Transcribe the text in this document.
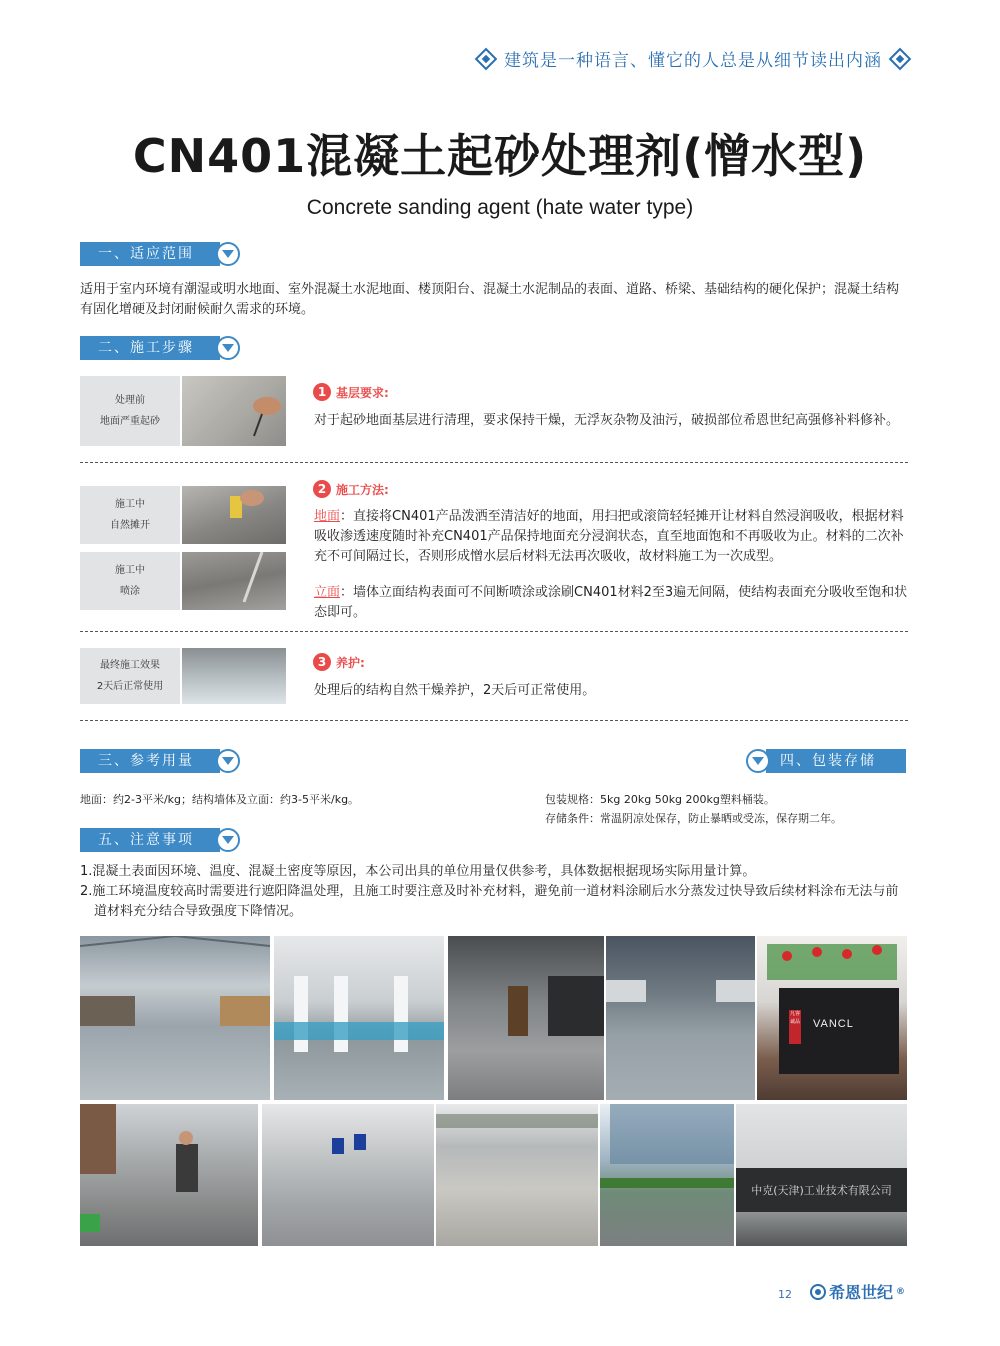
建筑是一种语言、懂它的人总是从细节读出内涵
CN401混凝土起砂处理剂(憎水型)
Concrete sanding agent (hate water type)
一、适应范围
适用于室内环境有潮湿或明水地面、室外混凝土水泥地面、楼顶阳台、混凝土水泥制品的表面、道路、桥梁、基础结构的硬化保护；混凝土结构有固化增硬及封闭耐候耐久需求的环境。
二、施工步骤
处理前
地面严重起砂
1 基层要求:
对于起砂地面基层进行清理，要求保持干燥，无浮灰杂物及油污，破损部位希恩世纪高强修补料修补。
施工中
自然摊开
施工中
喷涂
2 施工方法:
地面：直接将CN401产品泼洒至清洁好的地面，用扫把或滚筒轻轻摊开让材料自然浸润吸收，根据材料吸收渗透速度随时补充CN401产品保持地面充分浸润状态，直至地面饱和不再吸收为止。材料的二次补充不可间隔过长，否则形成憎水层后材料无法再次吸收，故材料施工为一次成型。
立面：墙体立面结构表面可不间断喷涂或涂刷CN401材料2至3遍无间隔，使结构表面充分吸收至饱和状态即可。
最终施工效果
2天后正常使用
3 养护:
处理后的结构自然干燥养护，2天后可正常使用。
三、参考用量
地面：约2-3平米/kg；结构墙体及立面：约3-5平米/kg。
四、包装存储
包装规格：5kg 20kg 50kg 200kg塑料桶装。
存储条件：常温阴凉处保存，防止暴晒或受冻，保存期二年。
五、注意事项
1.混凝土表面因环境、温度、混凝土密度等原因，本公司出具的单位用量仅供参考，具体数据根据现场实际用量计算。
2.施工环境温度较高时需要进行遮阳降温处理，且施工时要注意及时补充材料，避免前一道材料涂刷后水分蒸发过快导致后续材料涂布无法与前道材料充分结合导致强度下降情况。
凡客诚品 VANCL
中克(天津)工业技术有限公司
12 希恩世纪 ®
